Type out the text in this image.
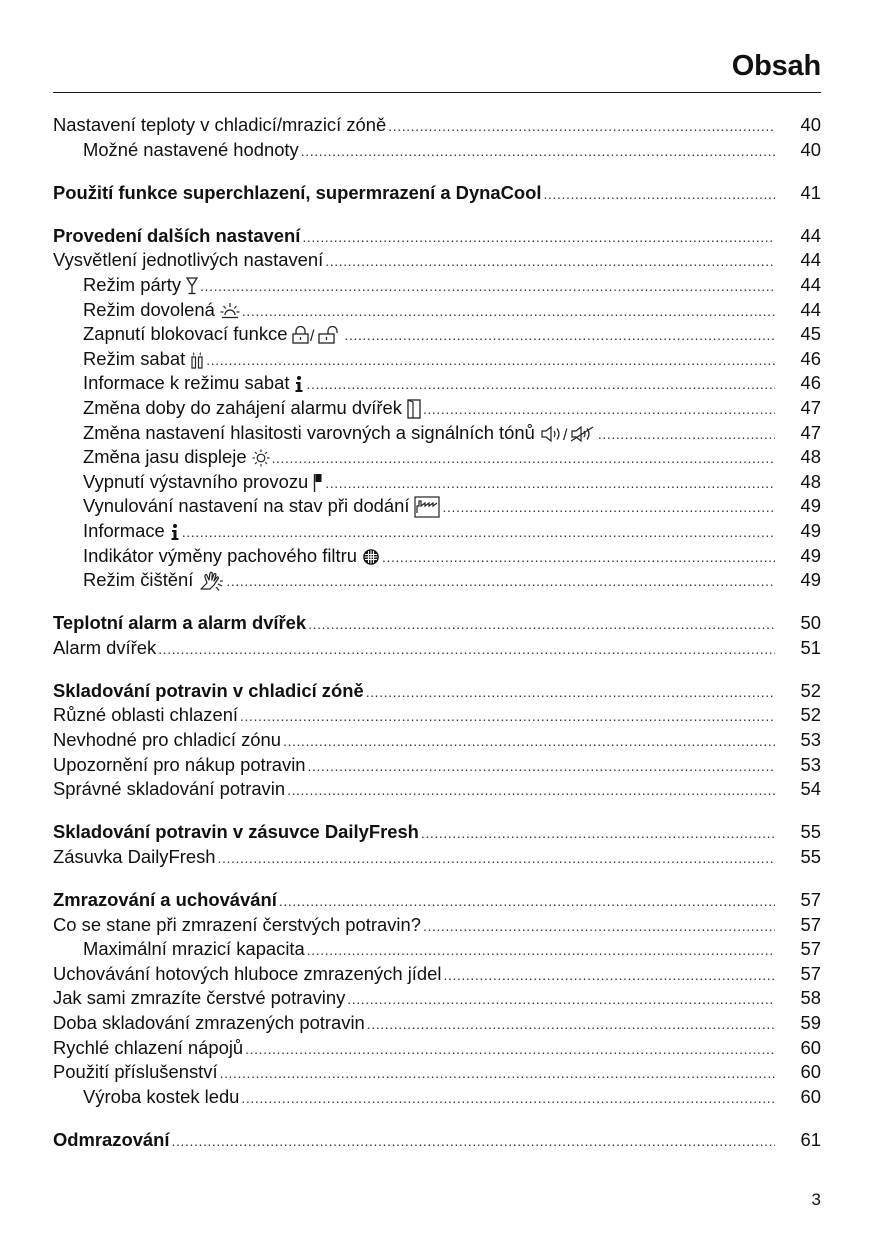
Obsah
Nastavení teploty v chladicí/mrazicí zóně .....	40
Možné nastavené hodnoty .....	40
Použití funkce superchlazení, supermrazení a DynaCool .....	41
Provedení dalších nastavení .....	44
Vysvětlení jednotlivých nastavení .....	44
Režim párty .....	44
Režim dovolená .....	44
Zapnutí blokovací funkce / .....	45
Režim sabat .....	46
Informace k režimu sabat .....	46
Změna doby do zahájení alarmu dvířek .....	47
Změna nastavení hlasitosti varovných a signálních tónů / .....	47
Změna jasu displeje .....	48
Vypnutí výstavního provozu .....	48
Vynulování nastavení na stav při dodání .....	49
Informace .....	49
Indikátor výměny pachového filtru .....	49
Režim čištění .....	49
Teplotní alarm a alarm dvířek .....	50
Alarm dvířek .....	51
Skladování potravin v chladicí zóně .....	52
Různé oblasti chlazení .....	52
Nevhodné pro chladicí zónu .....	53
Upozornění pro nákup potravin .....	53
Správné skladování potravin .....	54
Skladování potravin v zásuvce DailyFresh .....	55
Zásuvka DailyFresh .....	55
Zmrazování a uchovávání .....	57
Co se stane při zmrazení čerstvých potravin? .....	57
Maximální mrazicí kapacita .....	57
Uchovávání hotových hluboce zmrazených jídel .....	57
Jak sami zmrazíte čerstvé potraviny .....	58
Doba skladování zmrazených potravin .....	59
Rychlé chlazení nápojů .....	60
Použití příslušenství .....	60
Výroba kostek ledu .....	60
Odmrazování .....	61
3
